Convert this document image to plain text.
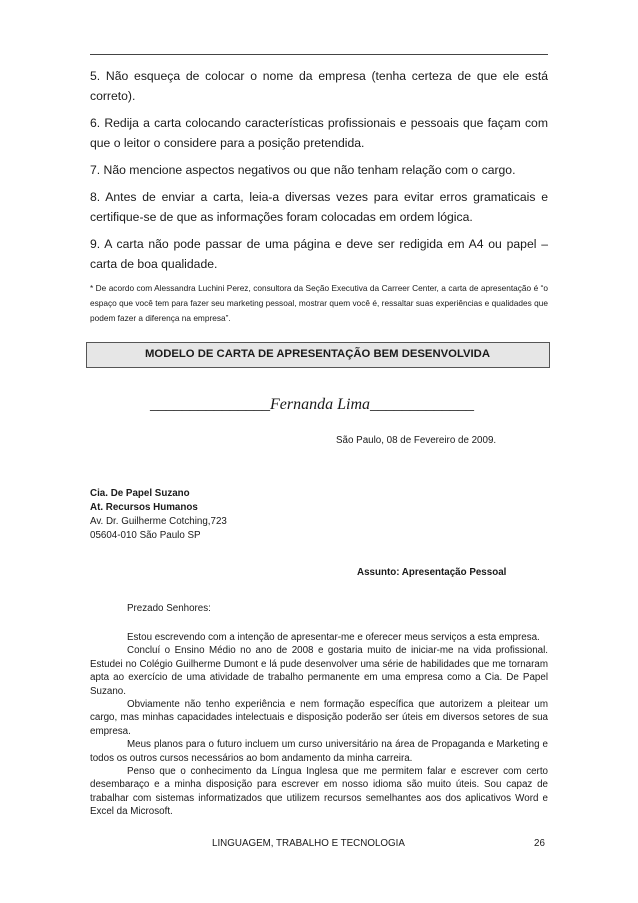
5. Não esqueça de colocar o nome da empresa (tenha certeza de que ele está correto).

6. Redija a carta colocando características profissionais e pessoais que façam com que o leitor o considere para a posição pretendida.

7. Não mencione aspectos negativos ou que não tenham relação com o cargo.

8. Antes de enviar a carta, leia-a diversas vezes para evitar erros gramaticais e certifique-se de que as informações foram colocadas em ordem lógica.

9. A carta não pode passar de uma página e deve ser redigida em A4 ou papel –carta de boa qualidade.

* De acordo com Alessandra Luchini Perez, consultora da Seção Executiva da Carreer Center, a carta de apresentação é “o espaço que você tem para fazer seu marketing pessoal, mostrar quem você é, ressaltar suas experiências e qualidades que podem fazer a diferença na empresa”.

MODELO DE CARTA DE APRESENTAÇÃO BEM DESENVOLVIDA
_______________Fernanda Lima_____________
São Paulo, 08 de Fevereiro de 2009.
Cia. De Papel Suzano
At. Recursos Humanos
Av. Dr. Guilherme Cotching,723
05604-010 São Paulo SP
Assunto: Apresentação Pessoal
Prezado Senhores:

Estou escrevendo com a intenção de apresentar-me e oferecer meus serviços a esta empresa.

Concluí o Ensino Médio no ano de 2008 e gostaria muito de iniciar-me na vida profissional. Estudei no Colégio Guilherme Dumont e lá pude desenvolver uma série de habilidades que me tornaram apta ao exercício de uma atividade de trabalho permanente em uma empresa como a Cia. De Papel Suzano.

Obviamente não tenho experiência e nem formação específica que autorizem a pleitear um cargo, mas minhas capacidades intelectuais e disposição poderão ser úteis em diversos setores de sua empresa.

Meus planos para o futuro incluem um curso universitário na área de Propaganda e Marketing e todos os outros cursos necessários ao bom andamento da minha carreira.

Penso que o conhecimento da Língua Inglesa que me permitem falar e escrever com certo desembaraço e a minha disposição para escrever em nosso idioma são muito úteis. Sou capaz de trabalhar com sistemas informatizados que utilizem recursos semelhantes aos dos aplicativos Word e Excel da Microsoft.

LINGUAGEM, TRABALHO E TECNOLOGIA	26
